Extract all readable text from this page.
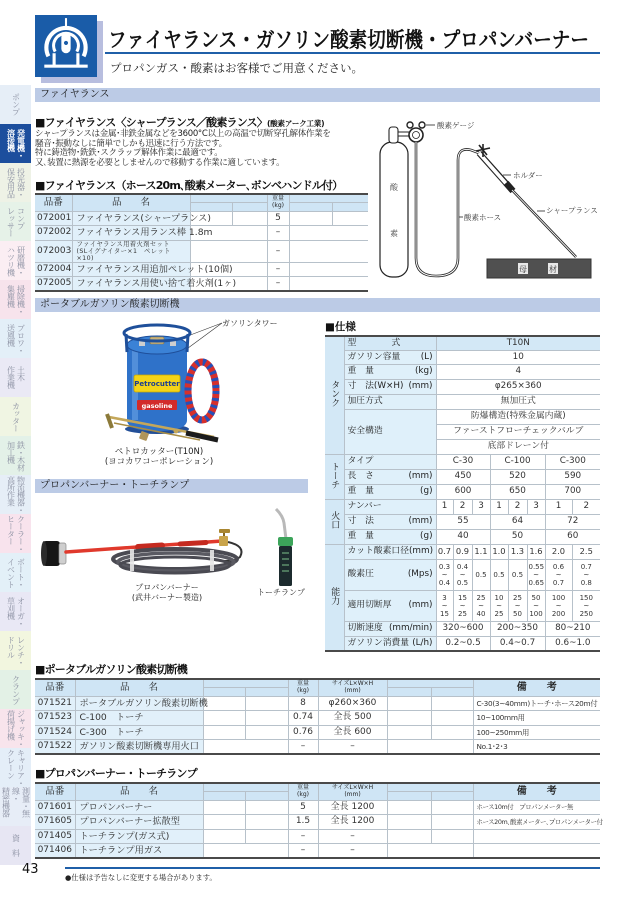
ポンプ
発電機・
溶接機
投光器・
保安用品
コンプ
レッサー
研磨機・
ハツリ機
掃除機・
集塵機
ブロワ・
送風機
土木
作業機
カッター
鉄・木材
加工機
物流機器・
高所作業
クーラー・
ヒーター
ボート・
イベント
オーガ・
草刈機
レンチ・
ドリル
クランプ
ジャッキ・
荷揚げ機
キャリア・
クレーン
測量・無線・
精密機器
資　料
ファイヤランス・ガソリン酸素切断機・プロパンバーナー

プロパンガス・酸素はお客様でご用意ください。

ファイヤランス
■ファイヤランス〈シャープランス／酸素ランス〉(酸素アーク工業)
シャープランスは金属･非鉄金属などを3600°C以上の高温で切断穿孔解体作業を
騒音･振動なしに簡単でしかも迅速に行う方法です。
特に鋳造物･銑鉄･スクラップ解体作業に最適です。
又､装置に熱源を必要としませんので移動する作業に適しています。
■ファイヤランス（ホース20m､酸素メーター､ボンベハンドル付）
品番	品　　名			重量
(kg)		

072001	ファイヤランス(シャープランス)			5		
072002	ファイヤランス用ランス棒 1.8m			–		
072003	ファイヤランス用着火剤セット
(SLイグナイター×1　ペレット×10)			–		
072004	ファイヤランス用追加ペレット(10個)			–		
072005	ファイヤランス用使い捨て着火剤(1ヶ)			–		
母	材
酸
素
酸素ゲージ
ホルダー
酸素ホース
シャープランス
ポータブルガソリン酸素切断機
Petrocutter
gasoline
ガソリンタワー
ペトロカッター(T10N)
(ヨコカワコーポレーション)
■仕様
タンク	型　　　　式	T10N							

	ガソリン容量 (L)	10							

	重　量 (kg)	4							

	寸　法(W×H) (mm)	φ265×360							

	加圧方式	無加圧式							

	安全構造	防爆構造(特殊金属内蔵)							
		ファーストフローチェックバルブ							
		底部ドレーン付							
トーチ	タイプ	C-30			C-100			C-300	

	長　さ (mm)	450			520			590	

	重　量 (g)	600			650			700	
火口	ナンバー	1	2	3	1	2	3	1	2

	寸　法 (mm)	55			64			72	

	重　量 (g)	40			50			60	
能力	カット酸素口径 (mm)	0.7	0.9	1.1	1.0	1.3	1.6	2.0	2.5

	酸素圧 (Mps)	0.3
~
0.4	0.4
~
0.5	0.5	0.5	0.5	0.55
~
0.65	0.6
~
0.7	0.7
~
0.8

	適用切断厚 (mm)	3
~
15	15
~
25	25
~
40	10
~
25	25
~
50	50
~
100	100
~
200	150
~
250

	切断速度 (mm/min)	320~600			200~350			80~210	

	ガソリン消費量 (L/h)	0.2~0.5			0.4~0.7			0.6~1.0	
プロパンバーナー・トーチランプ
プロパンバーナー
(武井バーナー製造)
トーチランプ
■ポータブルガソリン酸素切断機
品番	品　　名			重量
(kg)	サイズL×W×H
(mm)			備　　考

071521	ポータブルガソリン酸素切断機			8	φ260×360			C-30(3~40mm)トーチ･ホース20m付
071523	C-100　トーチ			0.74	全長 500			10~100mm用
071524	C-300　トーチ			0.76	全長 600			100~250mm用
071522	ガソリン酸素切断機専用火口			–	–			No.1･2･3
■プロパンバーナー・トーチランプ
品番	品　　名			重量
(kg)	サイズL×W×H
(mm)			備　　考

071601	プロパンバーナー			5	全長 1200			ホース10m付　プロパンメーター無
071605	プロパンバーナー拡散型			1.5	全長 1200			ホース20m､酸素メーター､プロパンメーター付
071405	トーチランプ(ガス式)			–	–			
071406	トーチランプ用ガス			–	–			
43
●仕様は予告なしに変更する場合があります。
